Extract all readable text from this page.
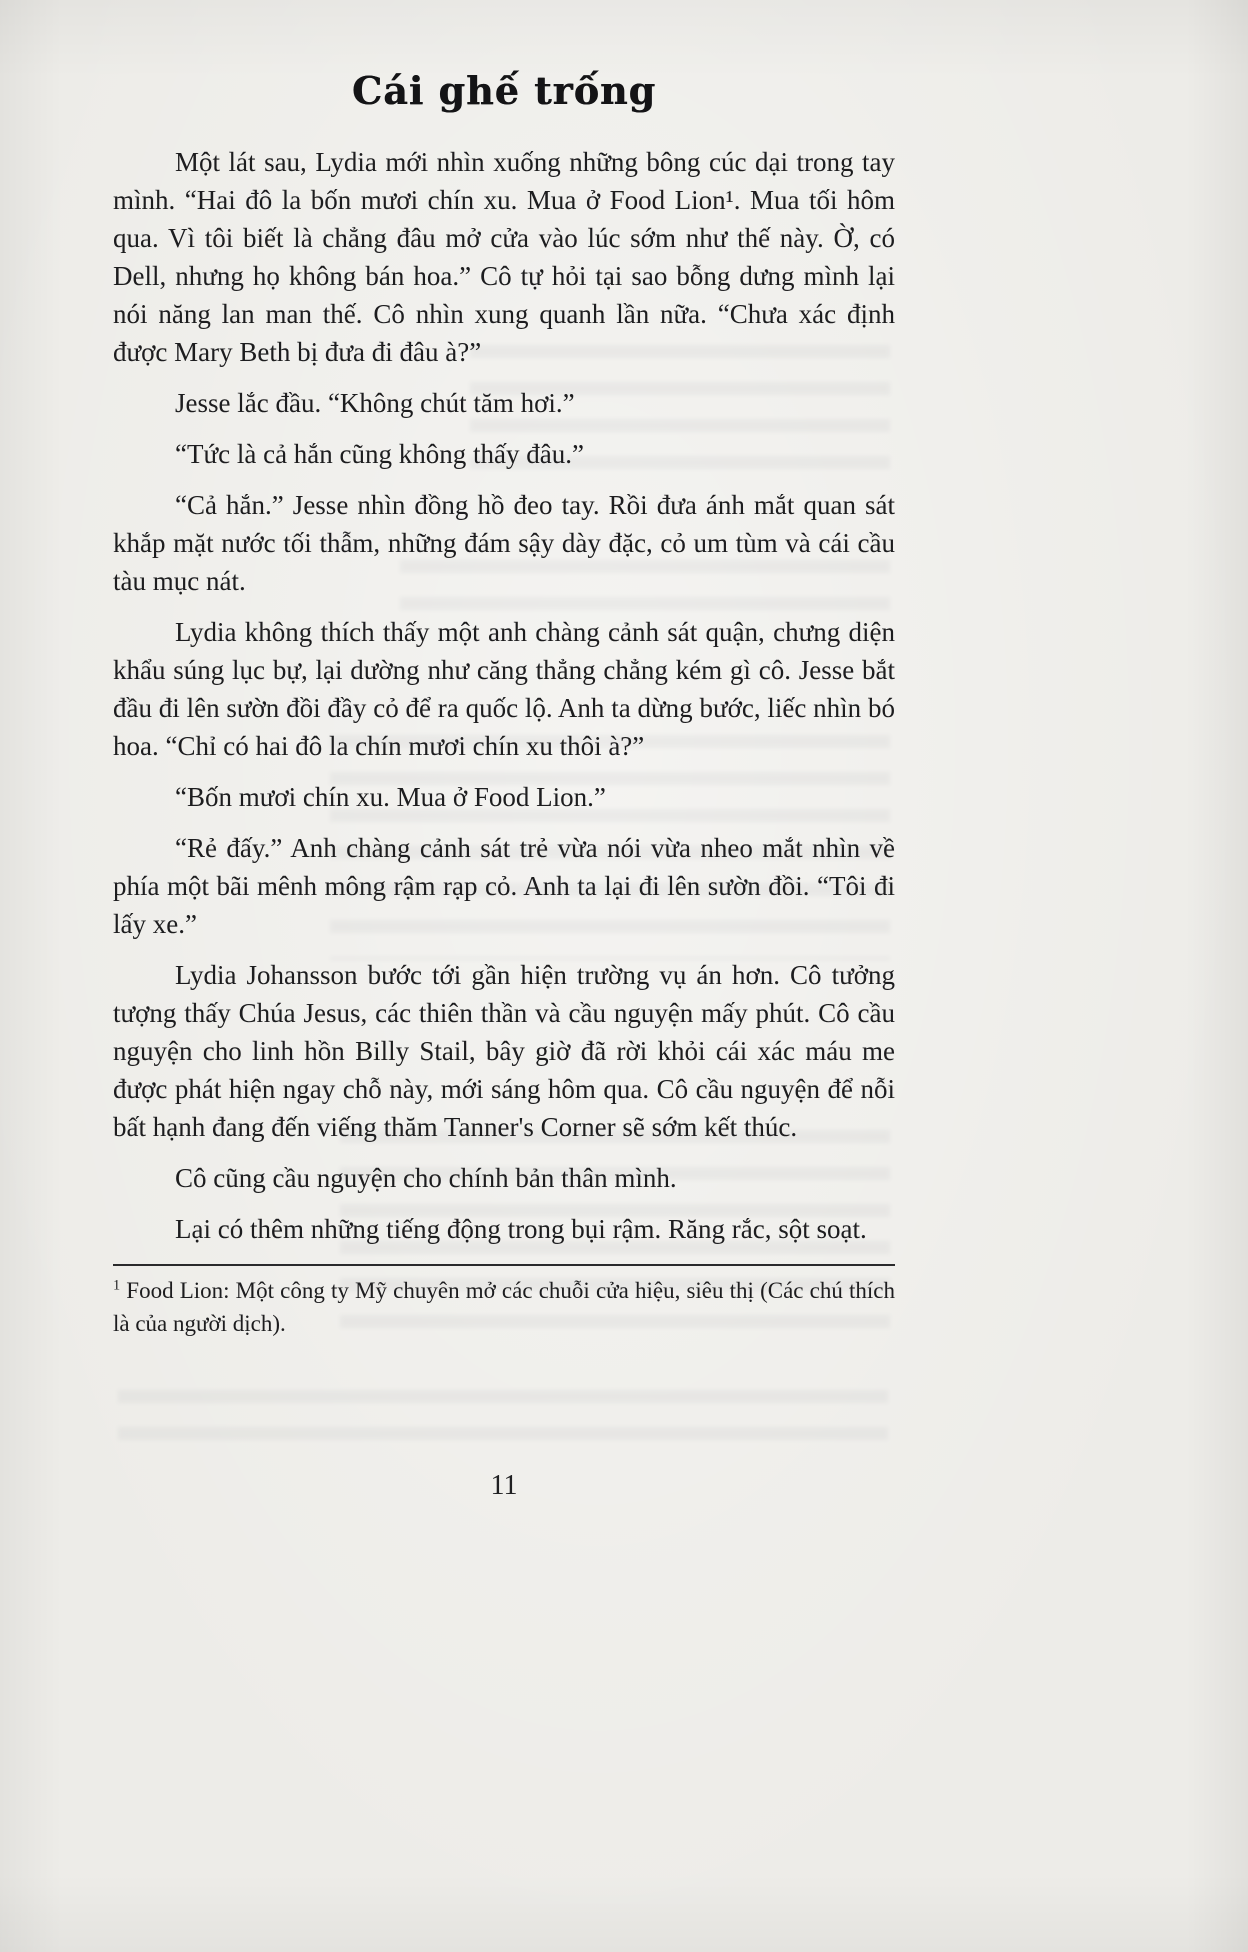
Cái ghế trống

Một lát sau, Lydia mới nhìn xuống những bông cúc dại trong tay mình. “Hai đô la bốn mươi chín xu. Mua ở Food Lion¹. Mua tối hôm qua. Vì tôi biết là chẳng đâu mở cửa vào lúc sớm như thế này. Ờ, có Dell, nhưng họ không bán hoa.” Cô tự hỏi tại sao bỗng dưng mình lại nói năng lan man thế. Cô nhìn xung quanh lần nữa. “Chưa xác định được Mary Beth bị đưa đi đâu à?”

Jesse lắc đầu. “Không chút tăm hơi.”

“Tức là cả hắn cũng không thấy đâu.”

“Cả hắn.” Jesse nhìn đồng hồ đeo tay. Rồi đưa ánh mắt quan sát khắp mặt nước tối thẫm, những đám sậy dày đặc, cỏ um tùm và cái cầu tàu mục nát.

Lydia không thích thấy một anh chàng cảnh sát quận, chưng diện khẩu súng lục bự, lại dường như căng thẳng chẳng kém gì cô. Jesse bắt đầu đi lên sườn đồi đầy cỏ để ra quốc lộ. Anh ta dừng bước, liếc nhìn bó hoa. “Chỉ có hai đô la chín mươi chín xu thôi à?”

“Bốn mươi chín xu. Mua ở Food Lion.”

“Rẻ đấy.” Anh chàng cảnh sát trẻ vừa nói vừa nheo mắt nhìn về phía một bãi mênh mông rậm rạp cỏ. Anh ta lại đi lên sườn đồi. “Tôi đi lấy xe.”

Lydia Johansson bước tới gần hiện trường vụ án hơn. Cô tưởng tượng thấy Chúa Jesus, các thiên thần và cầu nguyện mấy phút. Cô cầu nguyện cho linh hồn Billy Stail, bây giờ đã rời khỏi cái xác máu me được phát hiện ngay chỗ này, mới sáng hôm qua. Cô cầu nguyện để nỗi bất hạnh đang đến viếng thăm Tanner's Corner sẽ sớm kết thúc.

Cô cũng cầu nguyện cho chính bản thân mình.

Lại có thêm những tiếng động trong bụi rậm. Răng rắc, sột soạt.

$^1$ Food Lion: Một công ty Mỹ chuyên mở các chuỗi cửa hiệu, siêu thị (Các chú thích là của người dịch).

11
